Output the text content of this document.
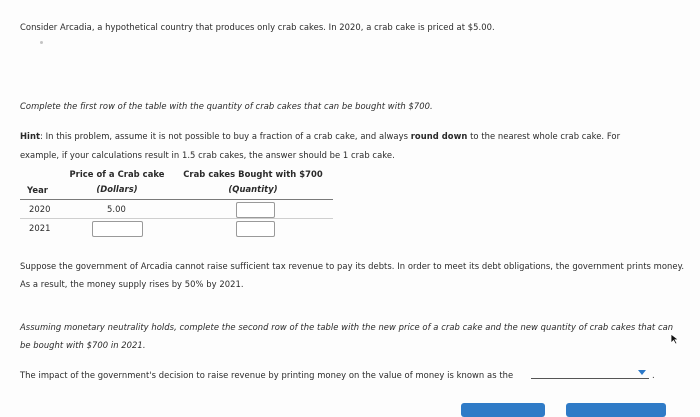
Consider Arcadia, a hypothetical country that produces only crab cakes. In 2020, a crab cake is priced at $5.00.
Complete the first row of the table with the quantity of crab cakes that can be bought with $700.
Hint: In this problem, assume it is not possible to buy a fraction of a crab cake, and always round down to the nearest whole crab cake. For example, if your calculations result in 1.5 crab cakes, the answer should be 1 crab cake.
Year
Price of a Crab cake
(Dollars)
Crab cakes Bought with $700
(Quantity)
2020	5.00
2021
Suppose the government of Arcadia cannot raise sufficient tax revenue to pay its debts. In order to meet its debt obligations, the government prints money. As a result, the money supply rises by 50% by 2021.
Assuming monetary neutrality holds, complete the second row of the table with the new price of a crab cake and the new quantity of crab cakes that can be bought with $700 in 2021.
The impact of the government's decision to raise revenue by printing money on the value of money is known as the	.
